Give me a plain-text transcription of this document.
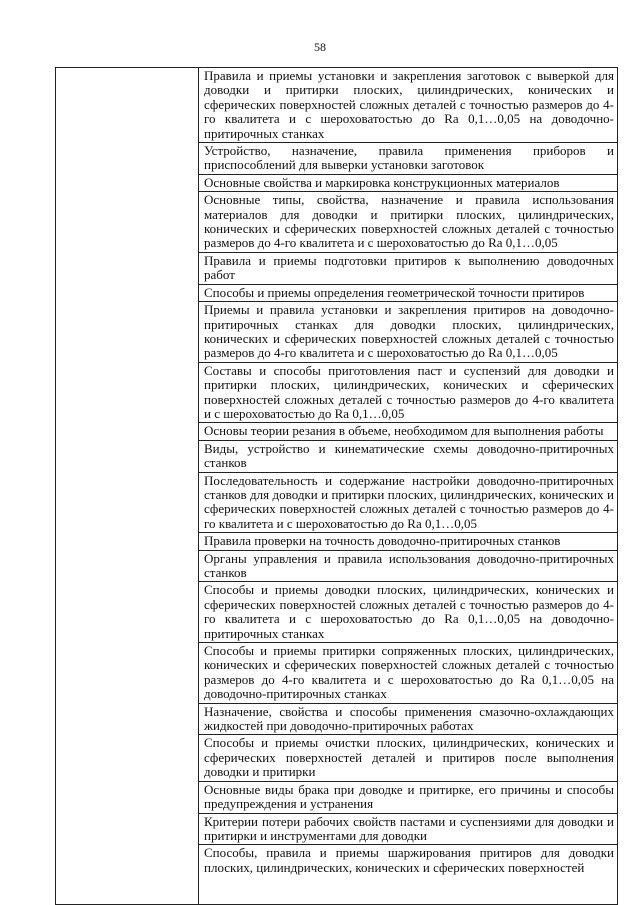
58

Правила и приемы установки и закрепления заготовок с выверкой для доводки и притирки плоских, цилиндрических, конических и сферических поверхностей сложных деталей с точностью размеров до 4-го квалитета и с шероховатостью до Ra 0,1…0,05 на доводочно-притирочных станках
Устройство, назначение, правила применения приборов и приспособлений для выверки установки заготовок
Основные свойства и маркировка конструкционных материалов
Основные типы, свойства, назначение и правила использования материалов для доводки и притирки плоских, цилиндрических, конических и сферических поверхностей сложных деталей с точностью размеров до 4-го квалитета и с шероховатостью до Ra 0,1…0,05
Правила и приемы подготовки притиров к выполнению доводочных работ
Способы и приемы определения геометрической точности притиров
Приемы и правила установки и закрепления притиров на доводочно-притирочных станках для доводки плоских, цилиндрических, конических и сферических поверхностей сложных деталей с точностью размеров до 4-го квалитета и с шероховатостью до Ra 0,1…0,05
Составы и способы приготовления паст и суспензий для доводки и притирки плоских, цилиндрических, конических и сферических поверхностей сложных деталей с точностью размеров до 4-го квалитета и с шероховатостью до Ra 0,1…0,05
Основы теории резания в объеме, необходимом для выполнения работы
Виды, устройство и кинематические схемы доводочно-притирочных станков
Последовательность и содержание настройки доводочно-притирочных станков для доводки и притирки плоских, цилиндрических, конических и сферических поверхностей сложных деталей с точностью размеров до 4-го квалитета и с шероховатостью до Ra 0,1…0,05
Правила проверки на точность доводочно-притирочных станков
Органы управления и правила использования доводочно-притирочных станков
Способы и приемы доводки плоских, цилиндрических, конических и сферических поверхностей сложных деталей с точностью размеров до 4-го квалитета и с шероховатостью до Ra 0,1…0,05 на доводочно-притирочных станках
Способы и приемы притирки сопряженных плоских, цилиндрических, конических и сферических поверхностей сложных деталей с точностью размеров до 4-го квалитета и с шероховатостью до Ra 0,1…0,05 на доводочно-притирочных станках
Назначение, свойства и способы применения смазочно-охлаждающих жидкостей при доводочно-притирочных работах
Способы и приемы очистки плоских, цилиндрических, конических и сферических поверхностей деталей и притиров после выполнения доводки и притирки
Основные виды брака при доводке и притирке, его причины и способы предупреждения и устранения
Критерии потери рабочих свойств пастами и суспензиями для доводки и притирки и инструментами для доводки
Способы, правила и приемы шаржирования притиров для доводки плоских, цилиндрических, конических и сферических поверхностей
